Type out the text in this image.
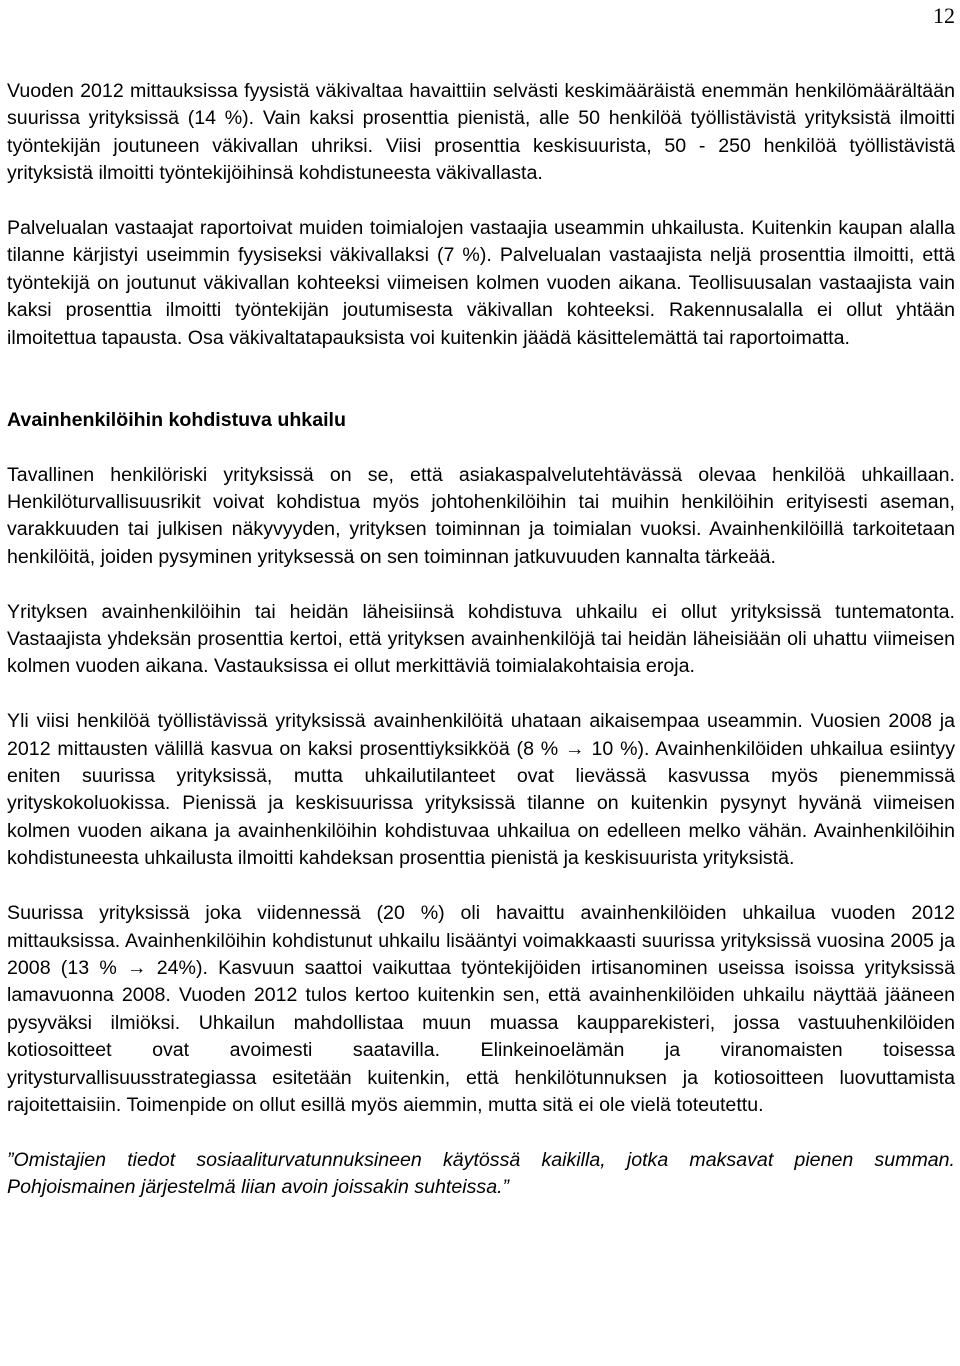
12

Vuoden 2012 mittauksissa fyysistä väkivaltaa havaittiin selvästi keskimääräistä enemmän henkilömäärältään suurissa yrityksissä (14 %). Vain kaksi prosenttia pienistä, alle 50 henkilöä työllistävistä yrityksistä ilmoitti työntekijän joutuneen väkivallan uhriksi. Viisi prosenttia keskisuurista, 50 - 250 henkilöä työllistävistä yrityksistä ilmoitti työntekijöihinsä kohdistuneesta väkivallasta.

Palvelualan vastaajat raportoivat muiden toimialojen vastaajia useammin uhkailusta. Kuitenkin kaupan alalla tilanne kärjistyi useimmin fyysiseksi väkivallaksi (7 %). Palvelualan vastaajista neljä prosenttia ilmoitti, että työntekijä on joutunut väkivallan kohteeksi viimeisen kolmen vuoden aikana. Teollisuusalan vastaajista vain kaksi prosenttia ilmoitti työntekijän joutumisesta väkivallan kohteeksi. Rakennusalalla ei ollut yhtään ilmoitettua tapausta. Osa väkivaltatapauksista voi kuitenkin jäädä käsittelemättä tai raportoimatta.

Avainhenkilöihin kohdistuva uhkailu

Tavallinen henkilöriski yrityksissä on se, että asiakaspalvelutehtävässä olevaa henkilöä uhkaillaan. Henkilöturvallisuusrikit voivat kohdistua myös johtohenkilöihin tai muihin henkilöihin erityisesti aseman, varakkuuden tai julkisen näkyvyyden, yrityksen toiminnan ja toimialan vuoksi. Avainhenkilöillä tarkoitetaan henkilöitä, joiden pysyminen yrityksessä on sen toiminnan jatkuvuuden kannalta tärkeää.

Yrityksen avainhenkilöihin tai heidän läheisiinsä kohdistuva uhkailu ei ollut yrityksissä tuntematonta. Vastaajista yhdeksän prosenttia kertoi, että yrityksen avainhenkilöjä tai heidän läheisiään oli uhattu viimeisen kolmen vuoden aikana. Vastauksissa ei ollut merkittäviä toimialakohtaisia eroja.

Yli viisi henkilöä työllistävissä yrityksissä avainhenkilöitä uhataan aikaisempaa useammin. Vuosien 2008 ja 2012 mittausten välillä kasvua on kaksi prosenttiyksikköä (8 % → 10 %). Avainhenkilöiden uhkailua esiintyy eniten suurissa yrityksissä, mutta uhkailutilanteet ovat lievässä kasvussa myös pienemmissä yrityskokoluokissa. Pienissä ja keskisuurissa yrityksissä tilanne on kuitenkin pysynyt hyvänä viimeisen kolmen vuoden aikana ja avainhenkilöihin kohdistuvaa uhkailua on edelleen melko vähän. Avainhenkilöihin kohdistuneesta uhkailusta ilmoitti kahdeksan prosenttia pienistä ja keskisuurista yrityksistä.

Suurissa yrityksissä joka viidennessä (20 %) oli havaittu avainhenkilöiden uhkailua vuoden 2012 mittauksissa. Avainhenkilöihin kohdistunut uhkailu lisääntyi voimakkaasti suurissa yrityksissä vuosina 2005 ja 2008 (13 % → 24%). Kasvuun saattoi vaikuttaa työntekijöiden irtisanominen useissa isoissa yrityksissä lamavuonna 2008. Vuoden 2012 tulos kertoo kuitenkin sen, että avainhenkilöiden uhkailu näyttää jääneen pysyväksi ilmiöksi. Uhkailun mahdollistaa muun muassa kaupparekisteri, jossa vastuuhenkilöiden kotiosoitteet ovat avoimesti saatavilla. Elinkeinoelämän ja viranomaisten toisessa yritysturvallisuusstrategiassa esitetään kuitenkin, että henkilötunnuksen ja kotiosoitteen luovuttamista rajoitettaisiin. Toimenpide on ollut esillä myös aiemmin, mutta sitä ei ole vielä toteutettu.

”Omistajien tiedot sosiaaliturvatunnuksineen käytössä kaikilla, jotka maksavat pienen summan. Pohjoismainen järjestelmä liian avoin joissakin suhteissa.”
